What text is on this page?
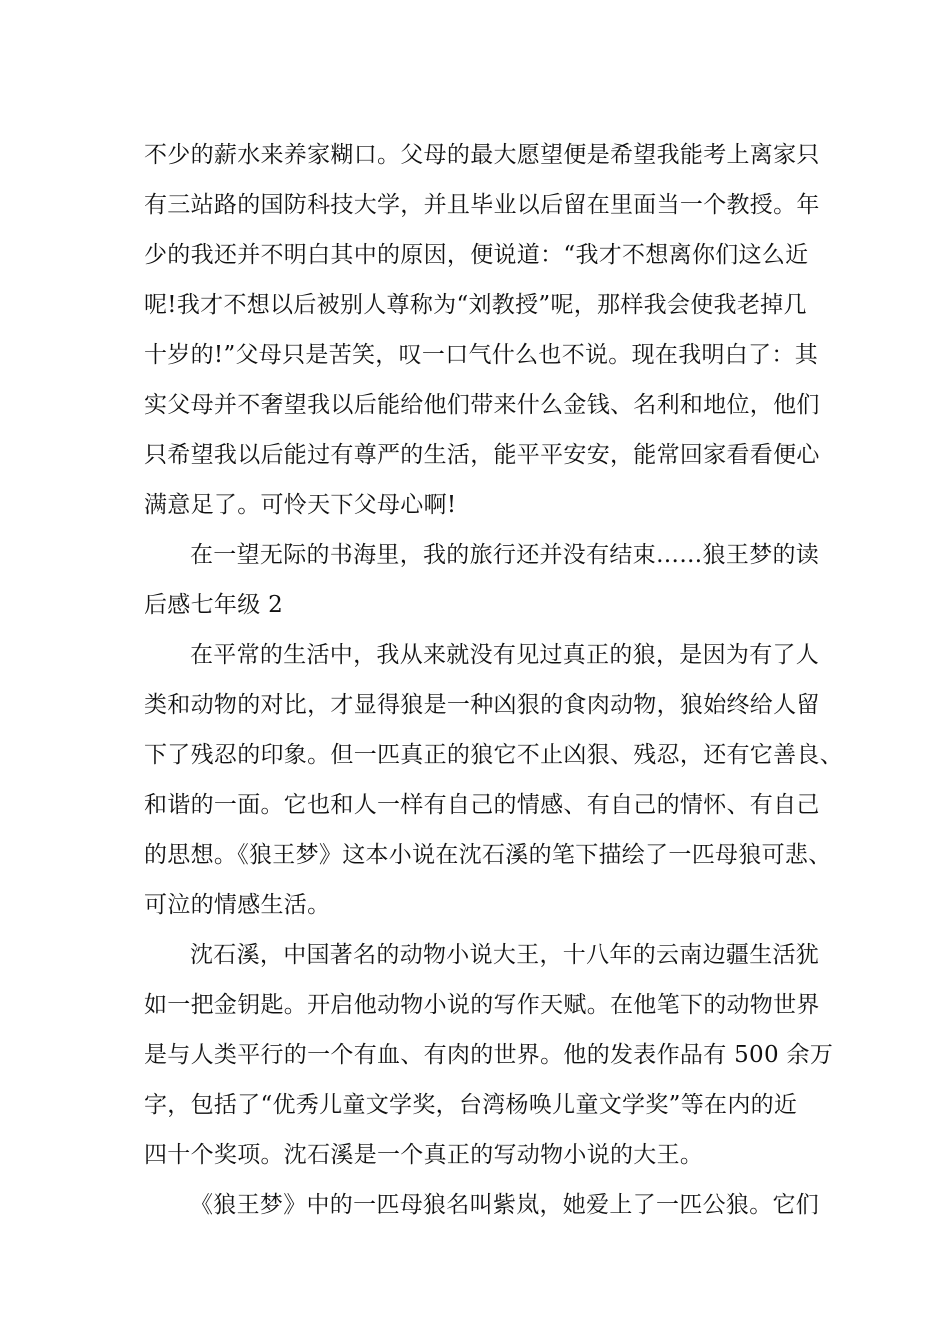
不少的薪水来养家糊口。父母的最大愿望便是希望我能考上离家只
有三站路的国防科技大学，并且毕业以后留在里面当一个教授。年
少的我还并不明白其中的原因，便说道：“我才不想离你们这么近
呢!我才不想以后被别人尊称为“刘教授”呢，那样我会使我老掉几
十岁的!”父母只是苦笑，叹一口气什么也不说。现在我明白了：其
实父母并不奢望我以后能给他们带来什么金钱、名利和地位，他们
只希望我以后能过有尊严的生活，能平平安安，能常回家看看便心
满意足了。可怜天下父母心啊!
在一望无际的书海里，我的旅行还并没有结束……狼王梦的读
后感七年级 2
在平常的生活中，我从来就没有见过真正的狼，是因为有了人
类和动物的对比，才显得狼是一种凶狠的食肉动物，狼始终给人留
下了残忍的印象。但一匹真正的狼它不止凶狠、残忍，还有它善良、
和谐的一面。它也和人一样有自己的情感、有自己的情怀、有自己
的思想。《狼王梦》这本小说在沈石溪的笔下描绘了一匹母狼可悲、
可泣的情感生活。
沈石溪，中国著名的动物小说大王，十八年的云南边疆生活犹
如一把金钥匙。开启他动物小说的写作天赋。在他笔下的动物世界
是与人类平行的一个有血、有肉的世界。他的发表作品有 500 余万
字，包括了“优秀儿童文学奖，台湾杨唤儿童文学奖”等在内的近
四十个奖项。沈石溪是一个真正的写动物小说的大王。
《狼王梦》中的一匹母狼名叫紫岚，她爱上了一匹公狼。它们
